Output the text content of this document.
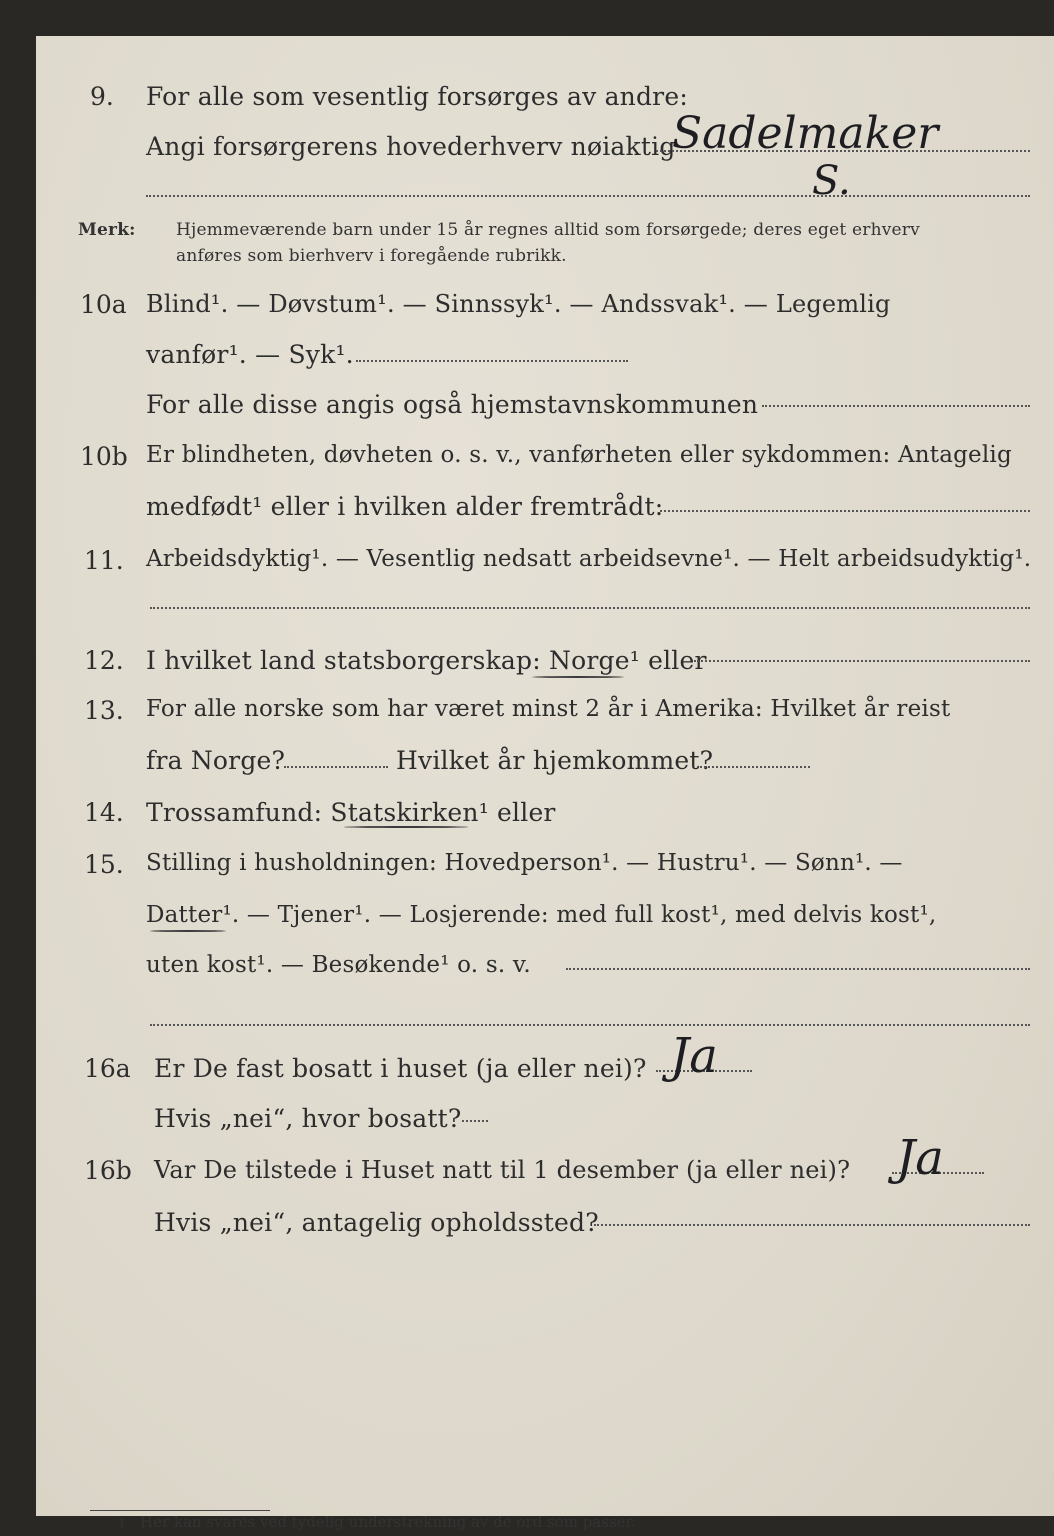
9. For alle som vesentlig forsørges av andre:
Angi forsørgerens hovederhverv nøiaktig
Sadelmaker
S.
Merk: Hjemmeværende barn under 15 år regnes alltid som forsørgede; deres eget erhverv
anføres som bierhverv i foregående rubrikk.
10a Blind¹. — Døvstum¹. — Sinnssyk¹. — Andssvak¹. — Legemlig
vanfør¹. — Syk¹.
For alle disse angis også hjemstavnskommunen
10b Er blindheten, døvheten o. s. v., vanførheten eller sykdommen: Antagelig
medfødt¹ eller i hvilken alder fremtrådt:
11. Arbeidsdyktig¹. — Vesentlig nedsatt arbeidsevne¹. — Helt arbeidsudyktig¹.
12. I hvilket land statsborgerskap: Norge¹ eller
13. For alle norske som har været minst 2 år i Amerika: Hvilket år reist
fra Norge?	Hvilket år hjemkommet?
14. Trossamfund: Statskirken¹ eller
15. Stilling i husholdningen: Hovedperson¹. — Hustru¹. — Sønn¹. —
Datter¹. — Tjener¹. — Losjerende: med full kost¹, med delvis kost¹,
uten kost¹. — Besøkende¹ o. s. v.
16a Er De fast bosatt i huset (ja eller nei)? Ja
Hvis „nei“, hvor bosatt?
16b Var De tilstede i Huset natt til 1 desember (ja eller nei)? Ja
Hvis „nei“, antagelig opholdssted?
1 Her kan svares ved tydelig understrekning av de ord som passer.
